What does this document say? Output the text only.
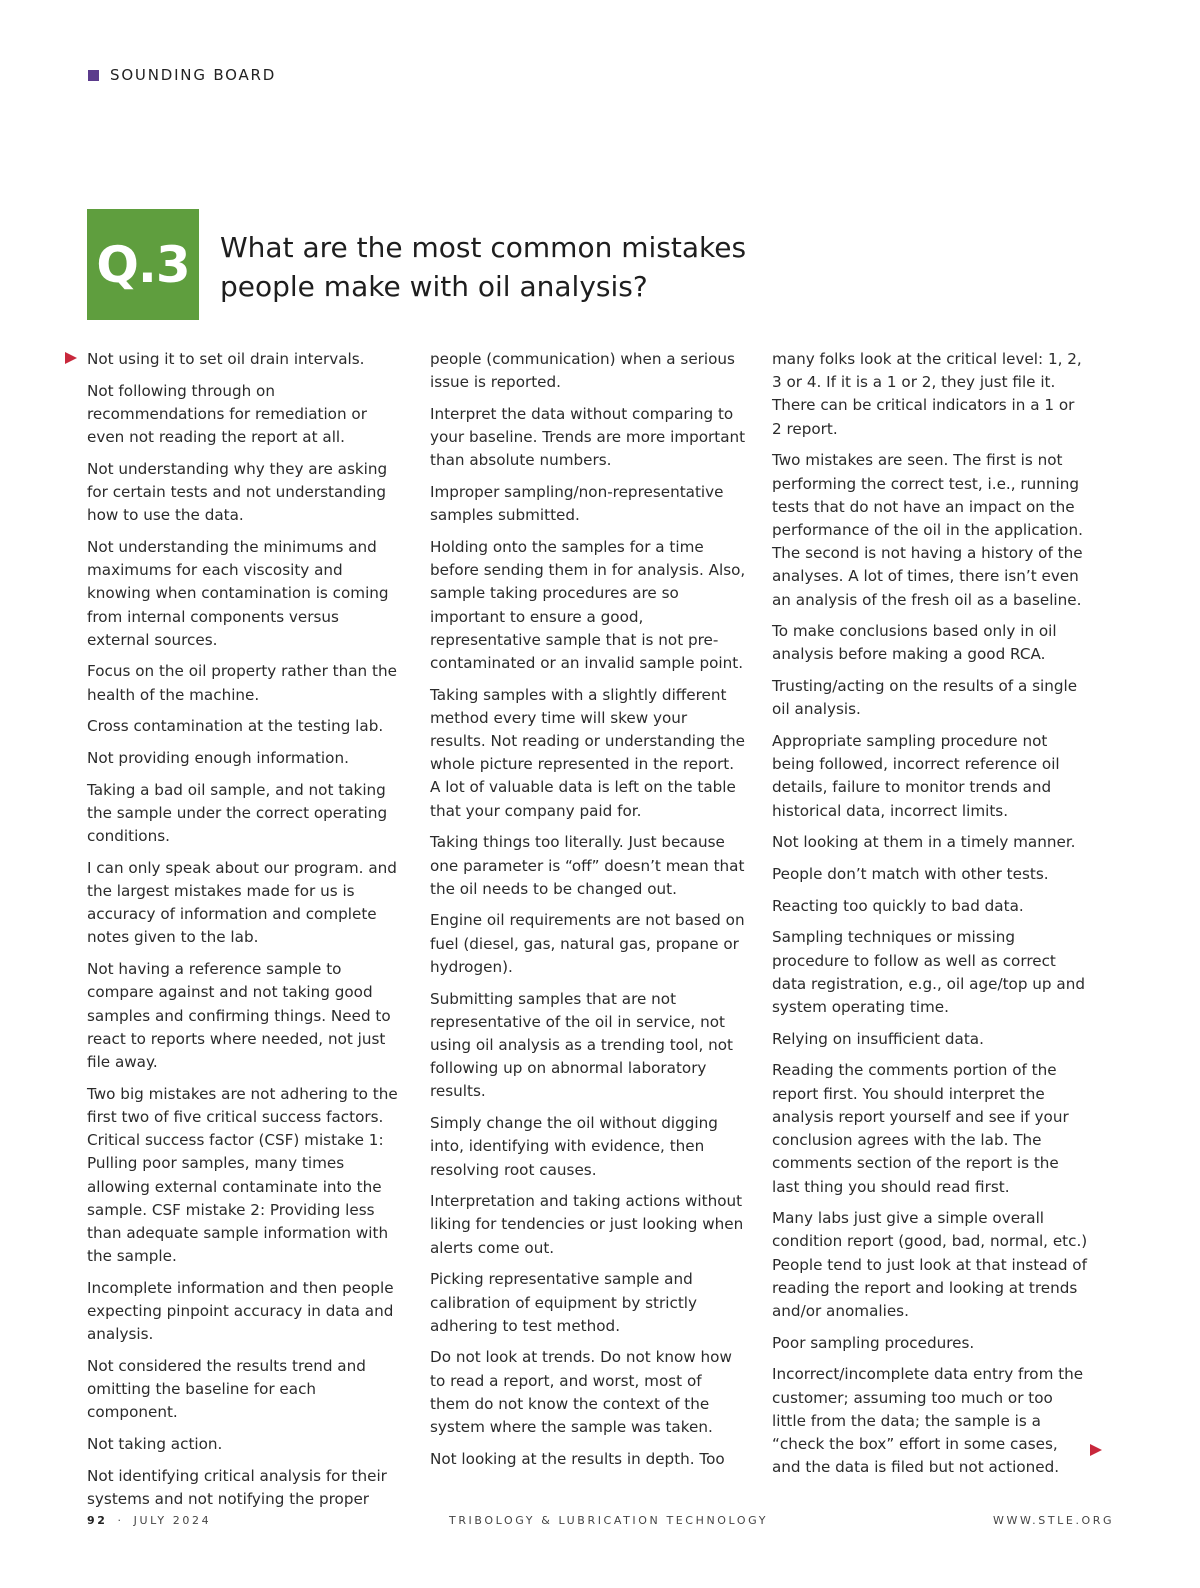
SOUNDING BOARD
Q.3 What are the most common mistakes people make with oil analysis?

Not using it to set oil drain intervals.

Not following through on recommendations for remediation or even not reading the report at all.

Not understanding why they are asking for certain tests and not understanding how to use the data.

Not understanding the minimums and maximums for each viscosity and knowing when contamination is coming from internal components versus external sources.

Focus on the oil property rather than the health of the machine.

Cross contamination at the testing lab.

Not providing enough information.

Taking a bad oil sample, and not taking the sample under the correct operating conditions.

I can only speak about our program. and the largest mistakes made for us is accuracy of information and complete notes given to the lab.

Not having a reference sample to compare against and not taking good samples and confirming things. Need to react to reports where needed, not just file away.

Two big mistakes are not adhering to the first two of five critical success factors. Critical success factor (CSF) mistake 1: Pulling poor samples, many times allowing external contaminate into the sample. CSF mistake 2: Providing less than adequate sample information with the sample.

Incomplete information and then people expecting pinpoint accuracy in data and analysis.

Not considered the results trend and omitting the baseline for each component.

Not taking action.

Not identifying critical analysis for their systems and not notifying the proper

people (communication) when a serious issue is reported.

Interpret the data without comparing to your baseline. Trends are more important than absolute numbers.

Improper sampling/non-representative samples submitted.

Holding onto the samples for a time before sending them in for analysis. Also, sample taking procedures are so important to ensure a good, representative sample that is not pre-contaminated or an invalid sample point.

Taking samples with a slightly different method every time will skew your results. Not reading or understanding the whole picture represented in the report. A lot of valuable data is left on the table that your company paid for.

Taking things too literally. Just because one parameter is “off” doesn’t mean that the oil needs to be changed out.

Engine oil requirements are not based on fuel (diesel, gas, natural gas, propane or hydrogen).

Submitting samples that are not representative of the oil in service, not using oil analysis as a trending tool, not following up on abnormal laboratory results.

Simply change the oil without digging into, identifying with evidence, then resolving root causes.

Interpretation and taking actions without liking for tendencies or just looking when alerts come out.

Picking representative sample and calibration of equipment by strictly adhering to test method.

Do not look at trends. Do not know how to read a report, and worst, most of them do not know the context of the system where the sample was taken.

Not looking at the results in depth. Too

many folks look at the critical level: 1, 2, 3 or 4. If it is a 1 or 2, they just file it. There can be critical indicators in a 1 or 2 report.

Two mistakes are seen. The first is not performing the correct test, i.e., running tests that do not have an impact on the performance of the oil in the application. The second is not having a history of the analyses. A lot of times, there isn’t even an analysis of the fresh oil as a baseline.

To make conclusions based only in oil analysis before making a good RCA.

Trusting/acting on the results of a single oil analysis.

Appropriate sampling procedure not being followed, incorrect reference oil details, failure to monitor trends and historical data, incorrect limits.

Not looking at them in a timely manner.

People don’t match with other tests.

Reacting too quickly to bad data.

Sampling techniques or missing procedure to follow as well as correct data registration, e.g., oil age/top up and system operating time.

Relying on insufficient data.

Reading the comments portion of the report first. You should interpret the analysis report yourself and see if your conclusion agrees with the lab. The comments section of the report is the last thing you should read first.

Many labs just give a simple overall condition report (good, bad, normal, etc.) People tend to just look at that instead of reading the report and looking at trends and/or anomalies.

Poor sampling procedures.

Incorrect/incomplete data entry from the customer; assuming too much or too little from the data; the sample is a “check the box” effort in some cases, and the data is filed but not actioned.

92 · JULY 2024	TRIBOLOGY & LUBRICATION TECHNOLOGY	WWW.STLE.ORG
